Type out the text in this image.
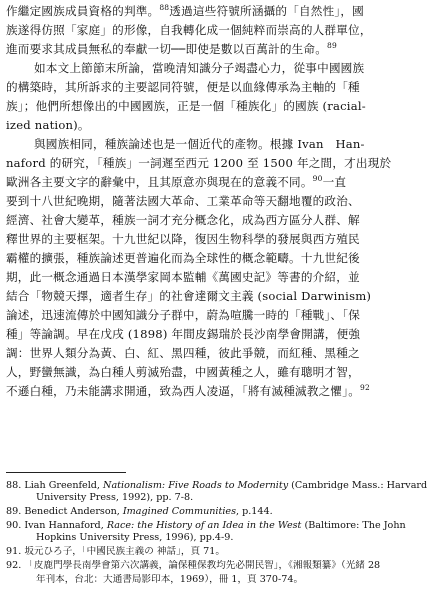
作繼定國族成員資格的判準。$^{88}$透過這些符號所涵攝的「自然性」，國
族遂得仿照「家庭」的形像，自我轉化成一個純粹而崇高的人群單位，
進而要求其成員無私的奉獻一切──即使是數以百萬計的生命。$^{89}$
如本文上節節末所論，當晚清知識分子竭盡心力，從事中國國族
的構築時，其所訴求的主要認同符號，便是以血緣傳承為主軸的「種
族」；他們所想像出的中國國族，正是一個「種族化」的國族 (racial-
ized nation)。
與國族相同，種族論述也是一個近代的產物。根據 Ivan　Han-
naford 的研究，「種族」一詞遲至西元 1200 至 1500 年之間，才出現於
歐洲各主要文字的辭彙中，且其原意亦與現在的意義不同。$^{90}$一直
要到十八世紀晚期，隨著法國大革命、工業革命等天翻地覆的政治、
經濟、社會大變革，種族一詞才充分概念化，成為西方區分人群、解
釋世界的主要框架。十九世紀以降，復因生物科學的發展與西方殖民
霸權的擴張，種族論述更普遍化而為全球性的概念範疇。十九世紀後
期，此一概念通過日本漢學家岡本監輔《萬國史記》等書的介紹，並
結合「物競天擇，適者生存」的社會達爾文主義 (social Darwinism)
論述，迅速流傳於中國知識分子群中，蔚為喧騰一時的「種戰」、「保
種」等論調。早在戊戌 (1898) 年間皮錫瑞於長沙南學會開講，便強
調：世界人類分為黃、白、紅、黑四種，彼此爭競，而紅種、黑種之
人，野蠻無識，為白種人剪滅殆盡，中國黃種之人，雖有聰明才智，
不遜白種，乃未能講求開通，致為西人凌逼，「將有滅種滅教之懼」。$^{92}$
88. Liah Greenfeld, Nationalism: Five Roads to Modernity (Cambridge Mass.: Harvard
University Press, 1992), pp. 7-8.
89. Benedict Anderson, Imagined Communities, p.144.
90. Ivan Hannaford, Race: the History of an Idea in the West (Baltimore: The John
Hopkins University Press, 1996), pp.4-9.
91. 坂元ひろ子，「中國民族主義の 神話」，頁 71。
92. 「皮鹿門學長南學會第六次講義，論保種保教均先必開民智」，《湘報類纂》（光緒 28
年刊本，台北：大通書局影印本，1969），冊 1，頁 370-74。
